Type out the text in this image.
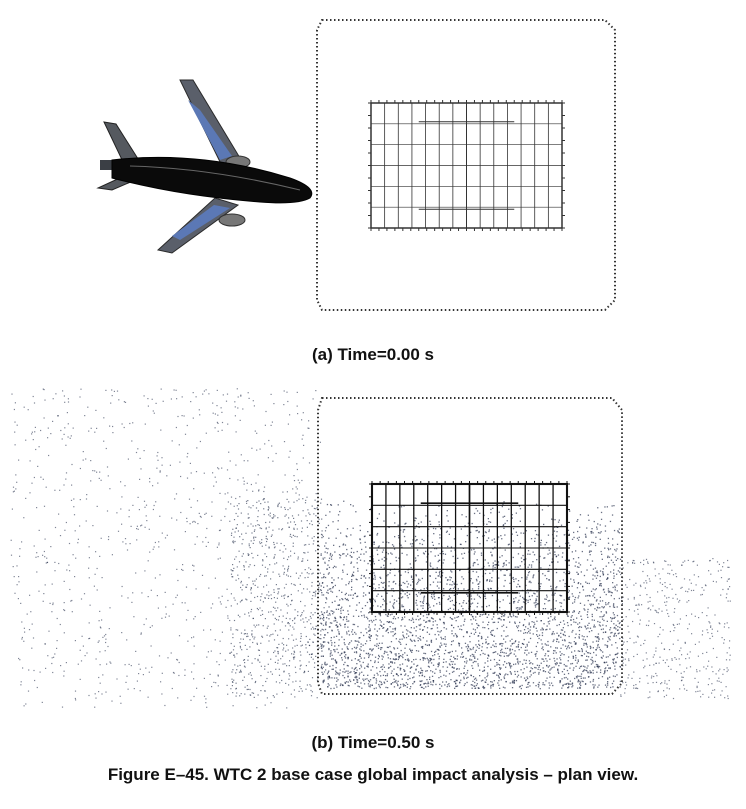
(a) Time=0.00 s
(b) Time=0.50 s
Figure E–45. WTC 2 base case global impact analysis – plan view.
